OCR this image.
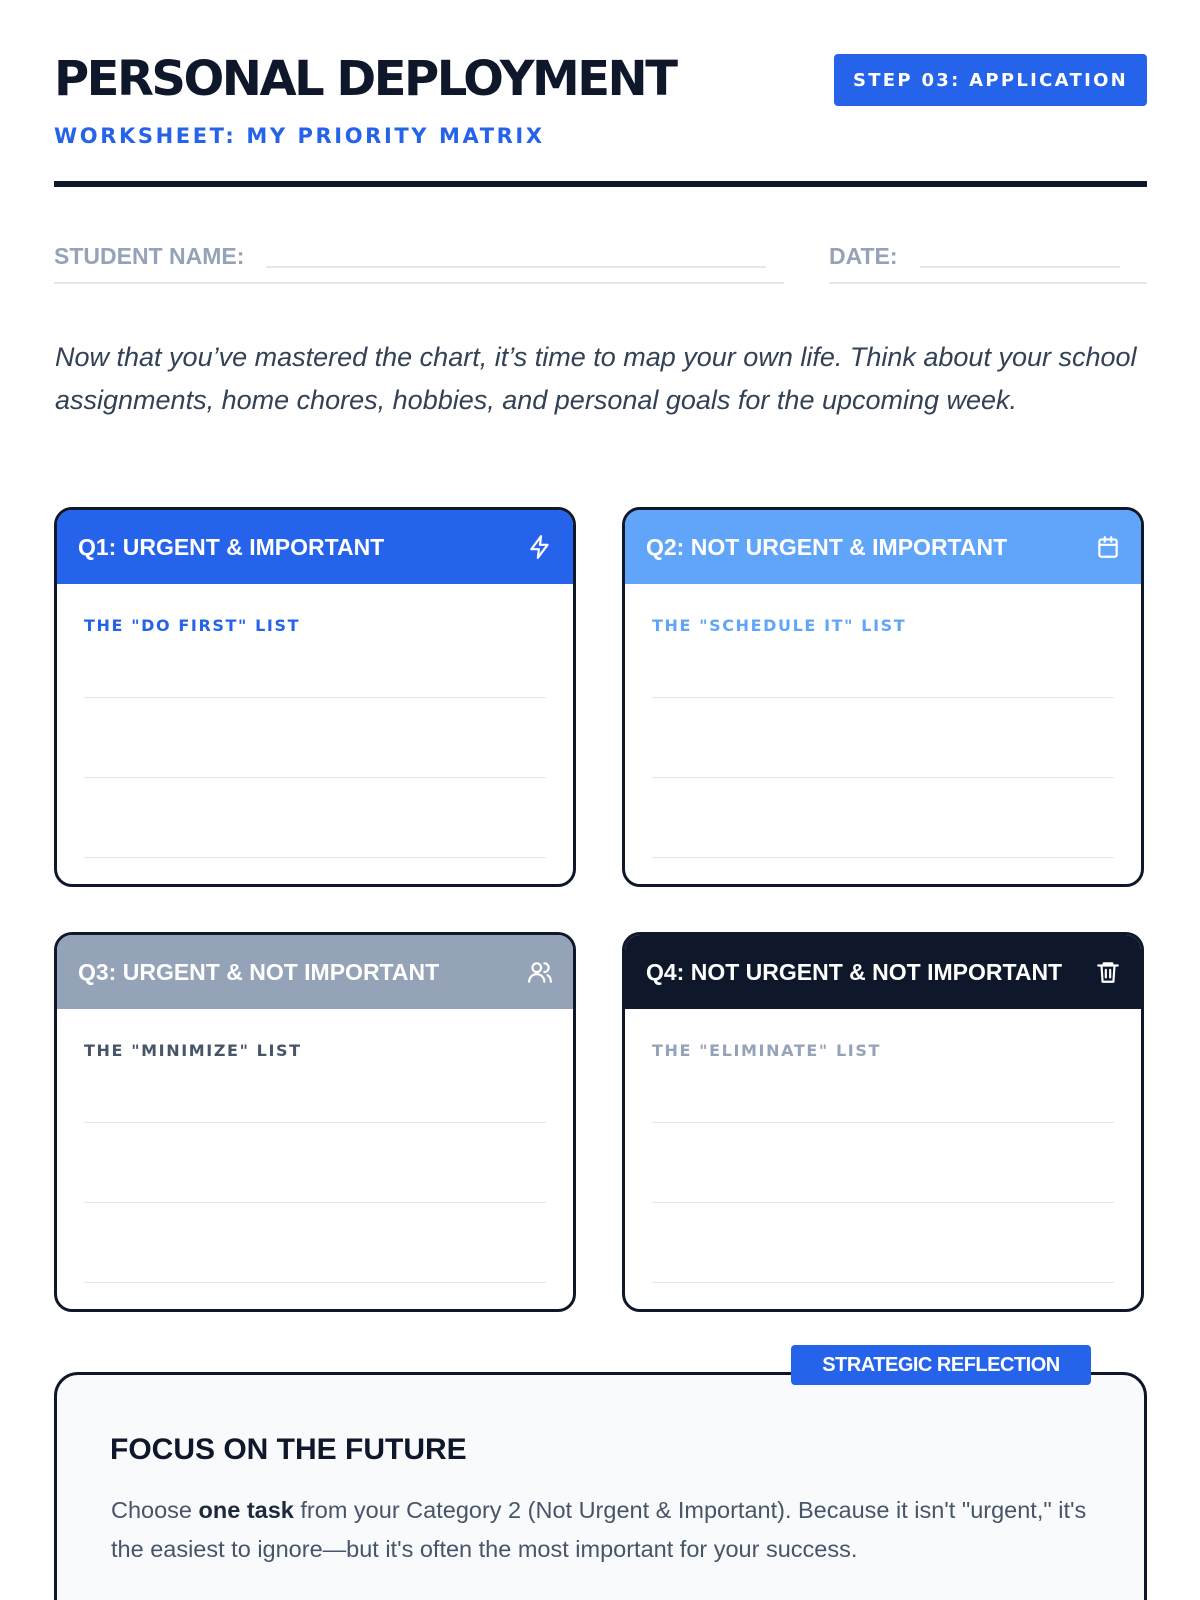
PERSONAL DEPLOYMENT
WORKSHEET: MY PRIORITY MATRIX
STEP 03: APPLICATION
STUDENT NAME:	DATE:

Now that you’ve mastered the chart, it’s time to map your own life. Think about your school assignments, home chores, hobbies, and personal goals for the upcoming week.

Q1: URGENT & IMPORTANT
THE "DO FIRST" LIST
Q2: NOT URGENT & IMPORTANT
THE "SCHEDULE IT" LIST
Q3: URGENT & NOT IMPORTANT
THE "MINIMIZE" LIST
Q4: NOT URGENT & NOT IMPORTANT
THE "ELIMINATE" LIST
STRATEGIC REFLECTION
FOCUS ON THE FUTURE

Choose one task from your Category 2 (Not Urgent & Important). Because it isn't "urgent," it's the easiest to ignore—but it's often the most important for your success.
